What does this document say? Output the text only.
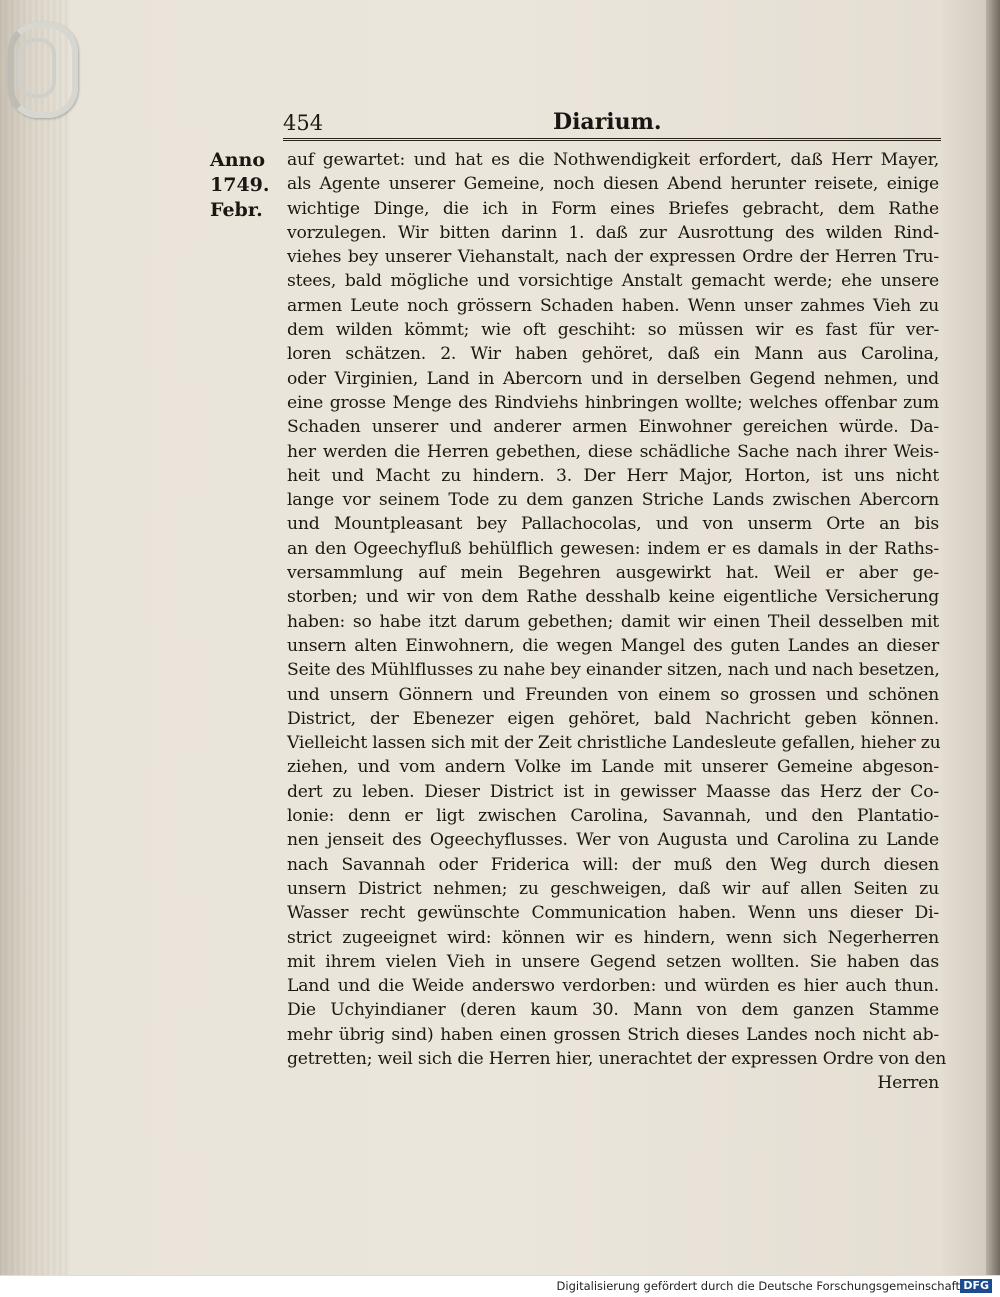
454	Diarium.
Anno
1749.
Febr.
auf gewartet: und hat es die Nothwendigkeit erfordert, daß Herr Mayer,
als Agente unserer Gemeine, noch diesen Abend herunter reisete, einige
wichtige Dinge, die ich in Form eines Briefes gebracht, dem Rathe
vorzulegen. Wir bitten darinn 1. daß zur Ausrottung des wilden Rind-
viehes bey unserer Viehanstalt, nach der expressen Ordre der Herren Tru-
stees, bald mögliche und vorsichtige Anstalt gemacht werde; ehe unsere
armen Leute noch grössern Schaden haben. Wenn unser zahmes Vieh zu
dem wilden kömmt; wie oft geschiht: so müssen wir es fast für ver-
loren schätzen. 2. Wir haben gehöret, daß ein Mann aus Carolina,
oder Virginien, Land in Abercorn und in derselben Gegend nehmen, und
eine grosse Menge des Rindviehs hinbringen wollte; welches offenbar zum
Schaden unserer und anderer armen Einwohner gereichen würde. Da-
her werden die Herren gebethen, diese schädliche Sache nach ihrer Weis-
heit und Macht zu hindern. 3. Der Herr Major, Horton, ist uns nicht
lange vor seinem Tode zu dem ganzen Striche Lands zwischen Abercorn
und Mountpleasant bey Pallachocolas, und von unserm Orte an bis
an den Ogeechyfluß behülflich gewesen: indem er es damals in der Raths-
versammlung auf mein Begehren ausgewirkt hat. Weil er aber ge-
storben; und wir von dem Rathe desshalb keine eigentliche Versicherung
haben: so habe itzt darum gebethen; damit wir einen Theil desselben mit
unsern alten Einwohnern, die wegen Mangel des guten Landes an dieser
Seite des Mühlflusses zu nahe bey einander sitzen, nach und nach besetzen,
und unsern Gönnern und Freunden von einem so grossen und schönen
District, der Ebenezer eigen gehöret, bald Nachricht geben können.
Vielleicht lassen sich mit der Zeit christliche Landesleute gefallen, hieher zu
ziehen, und vom andern Volke im Lande mit unserer Gemeine abgeson-
dert zu leben. Dieser District ist in gewisser Maasse das Herz der Co-
lonie: denn er ligt zwischen Carolina, Savannah, und den Plantatio-
nen jenseit des Ogeechyflusses. Wer von Augusta und Carolina zu Lande
nach Savannah oder Friderica will: der muß den Weg durch diesen
unsern District nehmen; zu geschweigen, daß wir auf allen Seiten zu
Wasser recht gewünschte Communication haben. Wenn uns dieser Di-
strict zugeeignet wird: können wir es hindern, wenn sich Negerherren
mit ihrem vielen Vieh in unsere Gegend setzen wollten. Sie haben das
Land und die Weide anderswo verdorben: und würden es hier auch thun.
Die Uchyindianer (deren kaum 30. Mann von dem ganzen Stamme
mehr übrig sind) haben einen grossen Strich dieses Landes noch nicht ab-
getretten; weil sich die Herren hier, unerachtet der expressen Ordre von den
Herren
Digitalisierung gefördert durch die Deutsche Forschungsgemeinschaft DFG
